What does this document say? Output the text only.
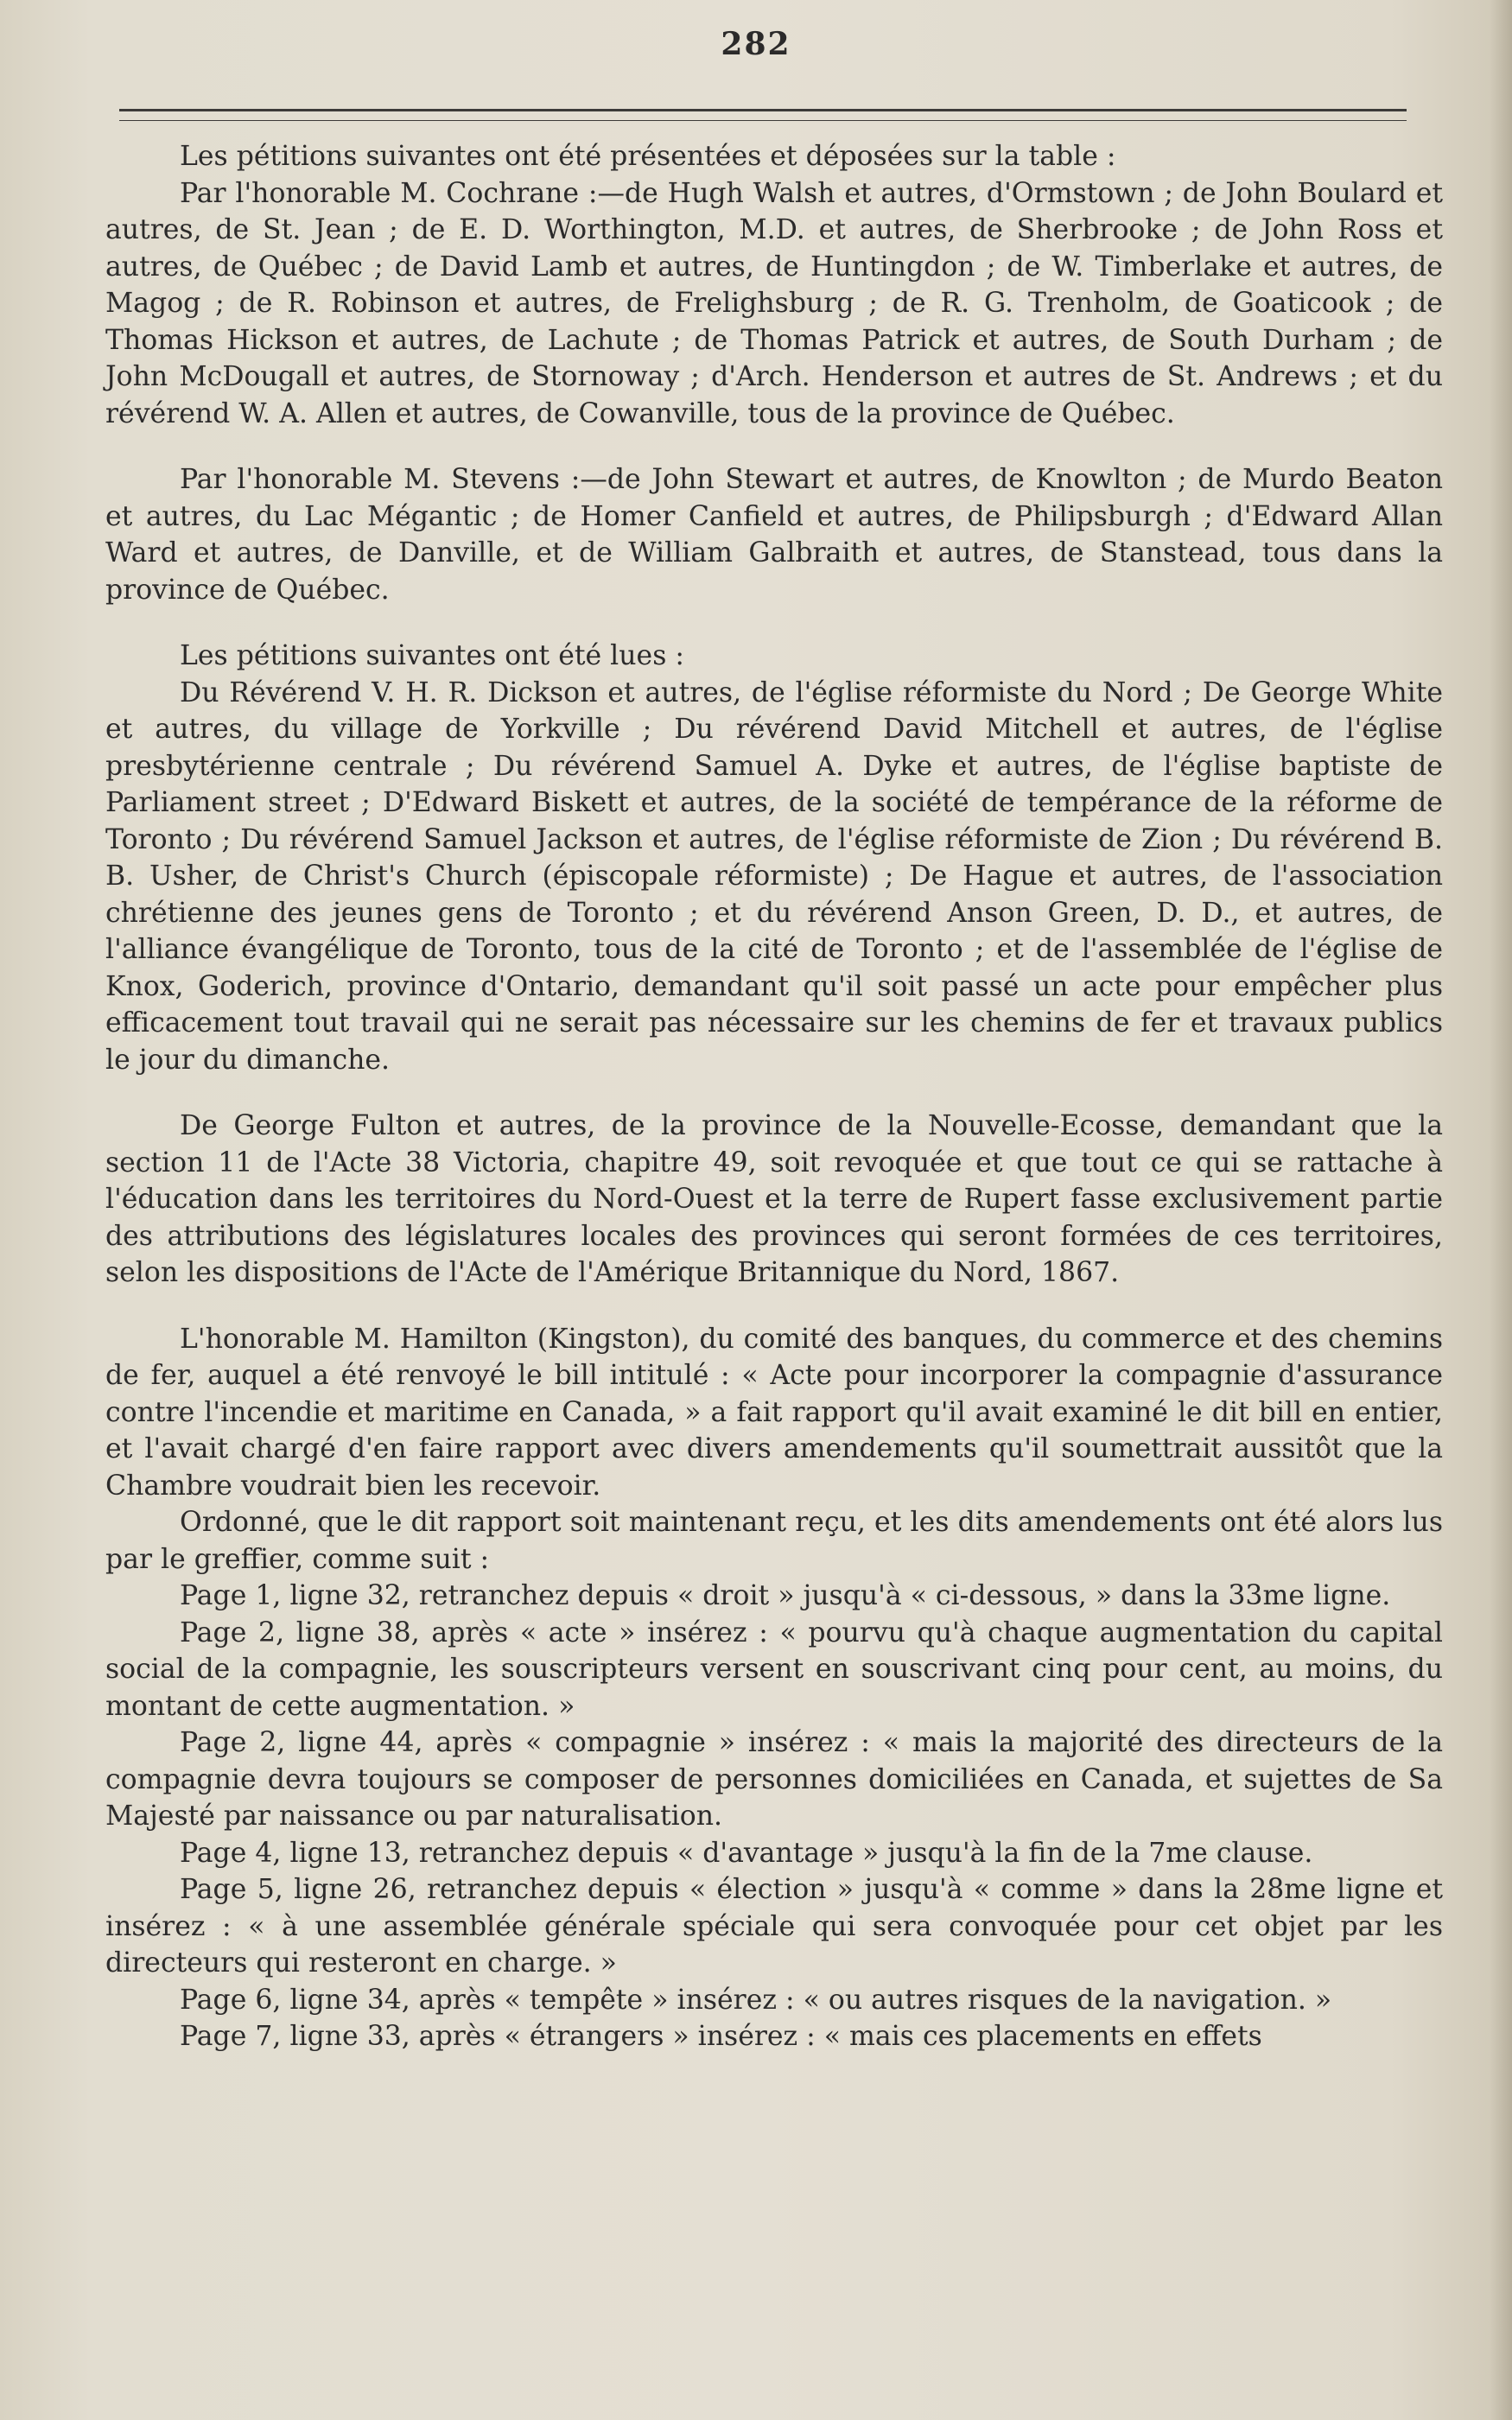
282

Les pétitions suivantes ont été présentées et déposées sur la table :

Par l'honorable M. Cochrane :—de Hugh Walsh et autres, d'Ormstown ; de John Boulard et autres, de St. Jean ; de E. D. Worthington, M.D. et autres, de Sherbrooke ; de John Ross et autres, de Québec ; de David Lamb et autres, de Huntingdon ; de W. Timberlake et autres, de Magog ; de R. Robinson et autres, de Frelighsburg ; de R. G. Trenholm, de Goaticook ; de Thomas Hickson et autres, de Lachute ; de Thomas Patrick et autres, de South Durham ; de John McDougall et autres, de Stornoway ; d'Arch. Henderson et autres de St. Andrews ; et du révérend W. A. Allen et autres, de Cowanville, tous de la province de Québec.

Par l'honorable M. Stevens :—de John Stewart et autres, de Knowlton ; de Murdo Beaton et autres, du Lac Mégantic ; de Homer Canfield et autres, de Philipsburgh ; d'Edward Allan Ward et autres, de Danville, et de William Galbraith et autres, de Stanstead, tous dans la province de Québec.

Les pétitions suivantes ont été lues :

Du Révérend V. H. R. Dickson et autres, de l'église réformiste du Nord ; De George White et autres, du village de Yorkville ; Du révérend David Mitchell et autres, de l'église presbytérienne centrale ; Du révérend Samuel A. Dyke et autres, de l'église baptiste de Parliament street ; D'Edward Biskett et autres, de la société de tempérance de la réforme de Toronto ; Du révérend Samuel Jackson et autres, de l'église réformiste de Zion ; Du révérend B. B. Usher, de Christ's Church (épiscopale réformiste) ; De Hague et autres, de l'association chrétienne des jeunes gens de Toronto ; et du révérend Anson Green, D. D., et autres, de l'alliance évangélique de Toronto, tous de la cité de Toronto ; et de l'assemblée de l'église de Knox, Goderich, province d'Ontario, demandant qu'il soit passé un acte pour empêcher plus efficacement tout travail qui ne serait pas nécessaire sur les chemins de fer et travaux publics le jour du dimanche.

De George Fulton et autres, de la province de la Nouvelle-Ecosse, demandant que la section 11 de l'Acte 38 Victoria, chapitre 49, soit revoquée et que tout ce qui se rattache à l'éducation dans les territoires du Nord-Ouest et la terre de Rupert fasse exclusivement partie des attributions des législatures locales des provinces qui seront formées de ces territoires, selon les dispositions de l'Acte de l'Amérique Britannique du Nord, 1867.

L'honorable M. Hamilton (Kingston), du comité des banques, du commerce et des chemins de fer, auquel a été renvoyé le bill intitulé : « Acte pour incorporer la compagnie d'assurance contre l'incendie et maritime en Canada, » a fait rapport qu'il avait examiné le dit bill en entier, et l'avait chargé d'en faire rapport avec divers amendements qu'il soumettrait aussitôt que la Chambre voudrait bien les recevoir.

Ordonné, que le dit rapport soit maintenant reçu, et les dits amendements ont été alors lus par le greffier, comme suit :

Page 1, ligne 32, retranchez depuis « droit » jusqu'à « ci-dessous, » dans la 33me ligne.

Page 2, ligne 38, après « acte » insérez : « pourvu qu'à chaque augmentation du capital social de la compagnie, les souscripteurs versent en souscrivant cinq pour cent, au moins, du montant de cette augmentation. »

Page 2, ligne 44, après « compagnie » insérez : « mais la majorité des directeurs de la compagnie devra toujours se composer de personnes domiciliées en Canada, et sujettes de Sa Majesté par naissance ou par naturalisation.

Page 4, ligne 13, retranchez depuis « d'avantage » jusqu'à la fin de la 7me clause.

Page 5, ligne 26, retranchez depuis « élection » jusqu'à « comme » dans la 28me ligne et insérez : « à une assemblée générale spéciale qui sera convoquée pour cet objet par les directeurs qui resteront en charge. »

Page 6, ligne 34, après « tempête » insérez : « ou autres risques de la navigation. »

Page 7, ligne 33, après « étrangers » insérez : « mais ces placements en effets
